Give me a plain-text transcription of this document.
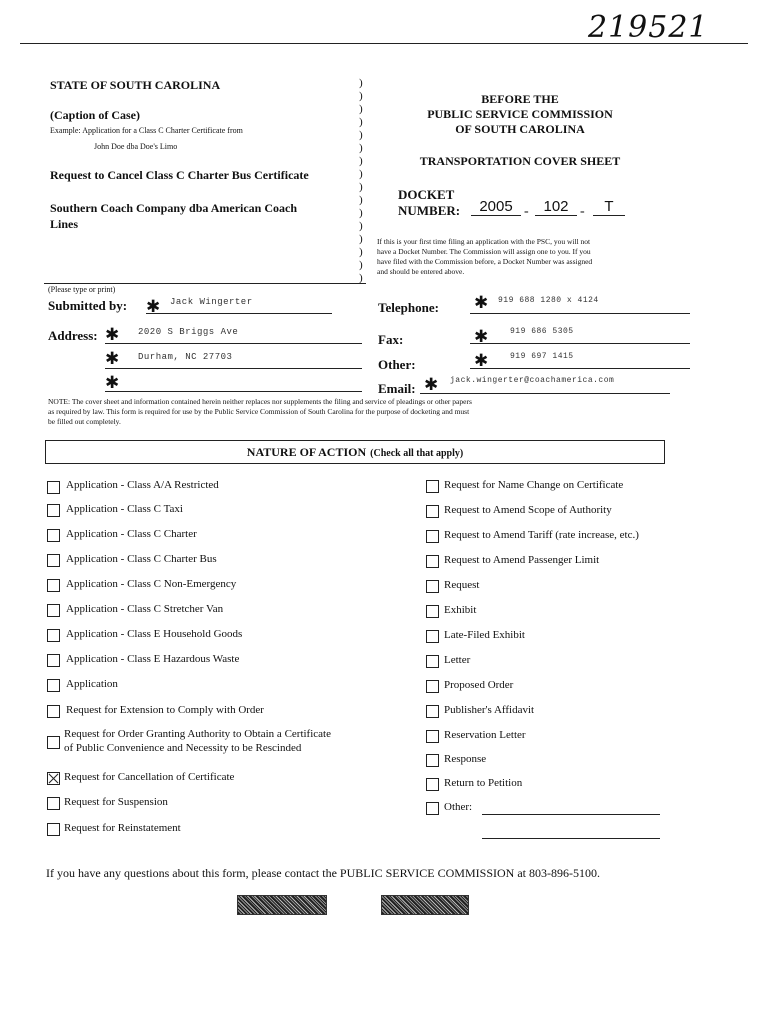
219521
STATE OF SOUTH CAROLINA
(Caption of Case)
Example: Application for a Class C Charter Certificate from
John Doe dba Doe's Limo
Request to Cancel Class C Charter Bus Certificate
Southern Coach Company dba American Coach
Lines
)
)
)
)
)
)
)
)
)
)
)
)
)
)
)
)
BEFORE THE
PUBLIC SERVICE COMMISSION
OF SOUTH CAROLINA
TRANSPORTATION COVER SHEET
DOCKET
NUMBER:	2005 - 102 -	T
If this is your first time filing an application with the PSC, you will not
have a Docket Number. The Commission will assign one to you. If you
have filed with the Commission before, a Docket Number was assigned
and should be entered above.
(Please type or print)
Submitted by: ✱ Jack Wingerter
Address: ✱ 2020 S Briggs Ave
✱ Durham, NC 27703
✱
Telephone: ✱ 919 688 1280 x 4124
Fax:	✱	919 686 5305
Other:	✱	919 697 1415
Email: ✱ jack.wingerter@coachamerica.com
NOTE: The cover sheet and information contained herein neither replaces nor supplements the filing and service of pleadings or other papers
as required by law. This form is required for use by the Public Service Commission of South Carolina for the purpose of docketing and must
be filled out completely.
NATURE OF ACTION (Check all that apply)
Application - Class A/A Restricted
Application - Class C Taxi
Application - Class C Charter
Application - Class C Charter Bus
Application - Class C Non-Emergency
Application - Class C Stretcher Van
Application - Class E Household Goods
Application - Class E Hazardous Waste
Application
Request for Extension to Comply with Order
Request for Order Granting Authority to Obtain a Certificate
of Public Convenience and Necessity to be Rescinded
Request for Cancellation of Certificate
Request for Suspension
Request for Reinstatement
Request for Name Change on Certificate
Request to Amend Scope of Authority
Request to Amend Tariff (rate increase, etc.)
Request to Amend Passenger Limit
Request
Exhibit
Late-Filed Exhibit
Letter
Proposed Order
Publisher's Affidavit
Reservation Letter
Response
Return to Petition
Other:
If you have any questions about this form, please contact the PUBLIC SERVICE COMMISSION at 803-896-5100.
